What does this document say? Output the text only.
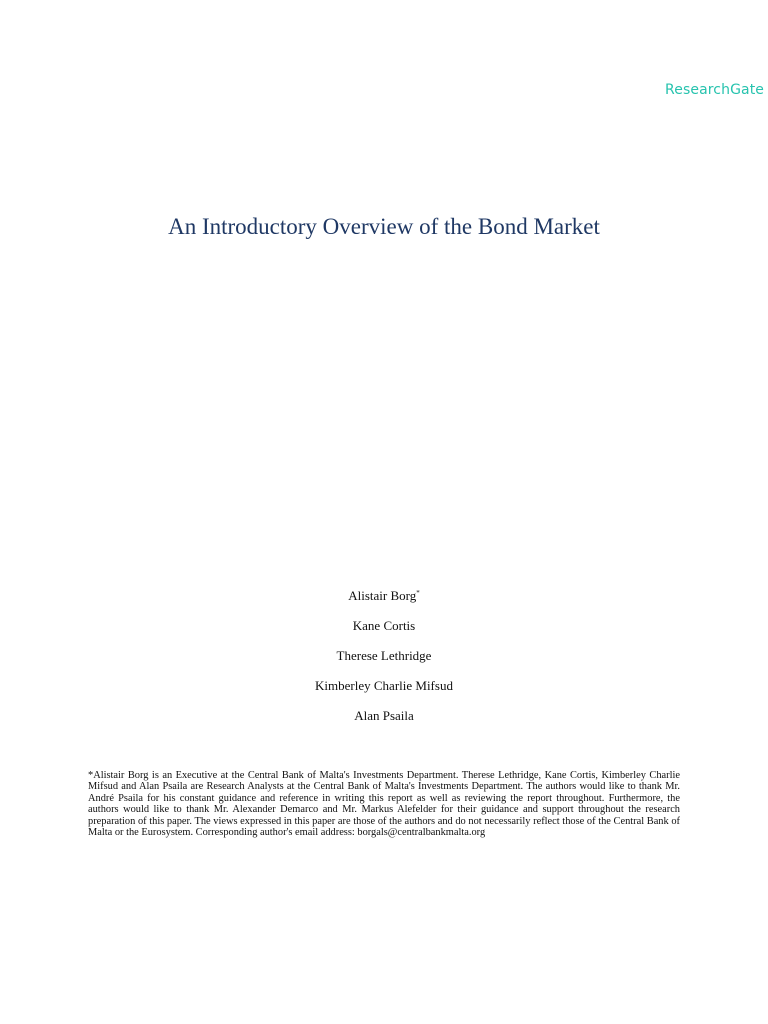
ResearchGate
An Introductory Overview of the Bond Market
Alistair Borg*
Kane Cortis
Therese Lethridge
Kimberley Charlie Mifsud
Alan Psaila

*Alistair Borg is an Executive at the Central Bank of Malta's Investments Department. Therese Lethridge, Kane Cortis, Kimberley Charlie Mifsud and Alan Psaila are Research Analysts at the Central Bank of Malta's Investments Department. The authors would like to thank Mr. André Psaila for his constant guidance and reference in writing this report as well as reviewing the report throughout. Furthermore, the authors would like to thank Mr. Alexander Demarco and Mr. Markus Alefelder for their guidance and support throughout the research preparation of this paper. The views expressed in this paper are those of the authors and do not necessarily reflect those of the Central Bank of Malta or the Eurosystem. Corresponding author's email address: borgals@centralbankmalta.org
